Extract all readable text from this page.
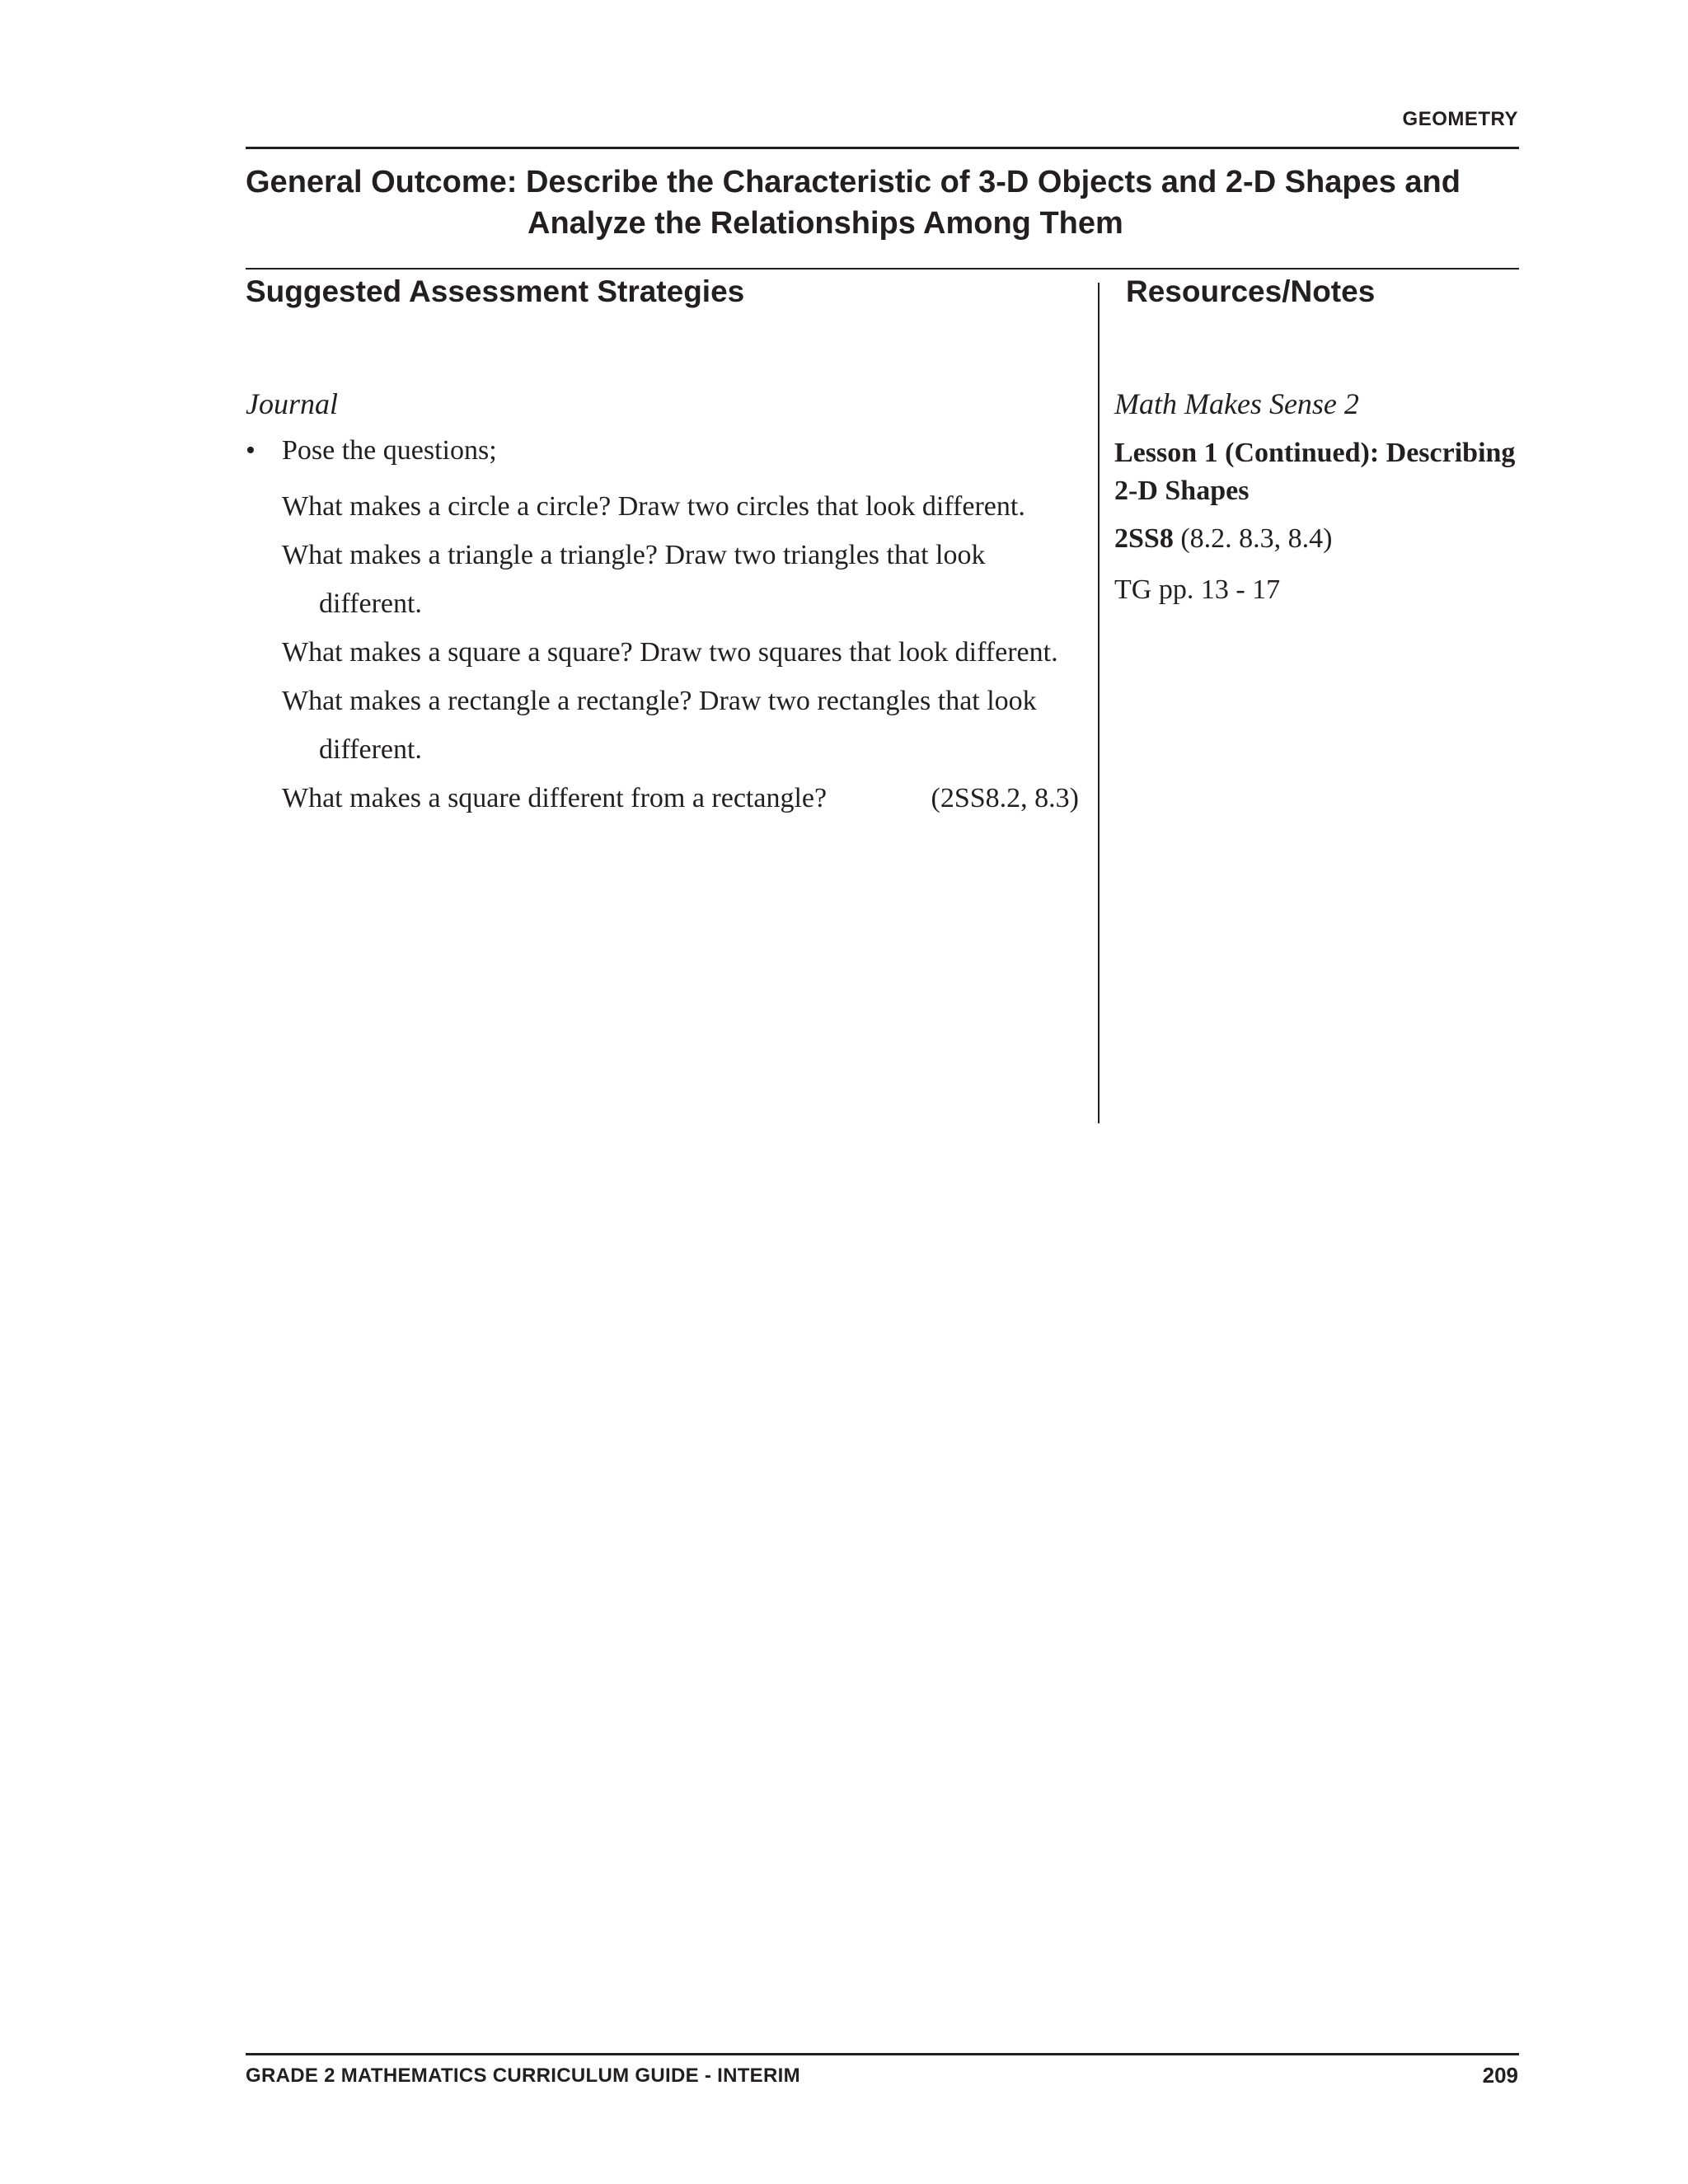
GEOMETRY
General Outcome: Describe the Characteristic of 3-D Objects and 2-D Shapes and
Analyze the Relationships Among Them
Suggested Assessment Strategies	Resources/Notes
Journal
• Pose the questions;
What makes a circle a circle? Draw two circles that look different.
What makes a triangle a triangle? Draw two triangles that look
different.
What makes a square a square? Draw two squares that look different.
What makes a rectangle a rectangle? Draw two rectangles that look
different.
What makes a square different from a rectangle?	(2SS8.2, 8.3)
Math Makes Sense 2
Lesson 1 (Continued): Describing 2-D Shapes
2SS8 (8.2. 8.3, 8.4)
TG pp. 13 - 17
GRADE 2 MATHEMATICS CURRICULUM GUIDE - INTERIM	209
